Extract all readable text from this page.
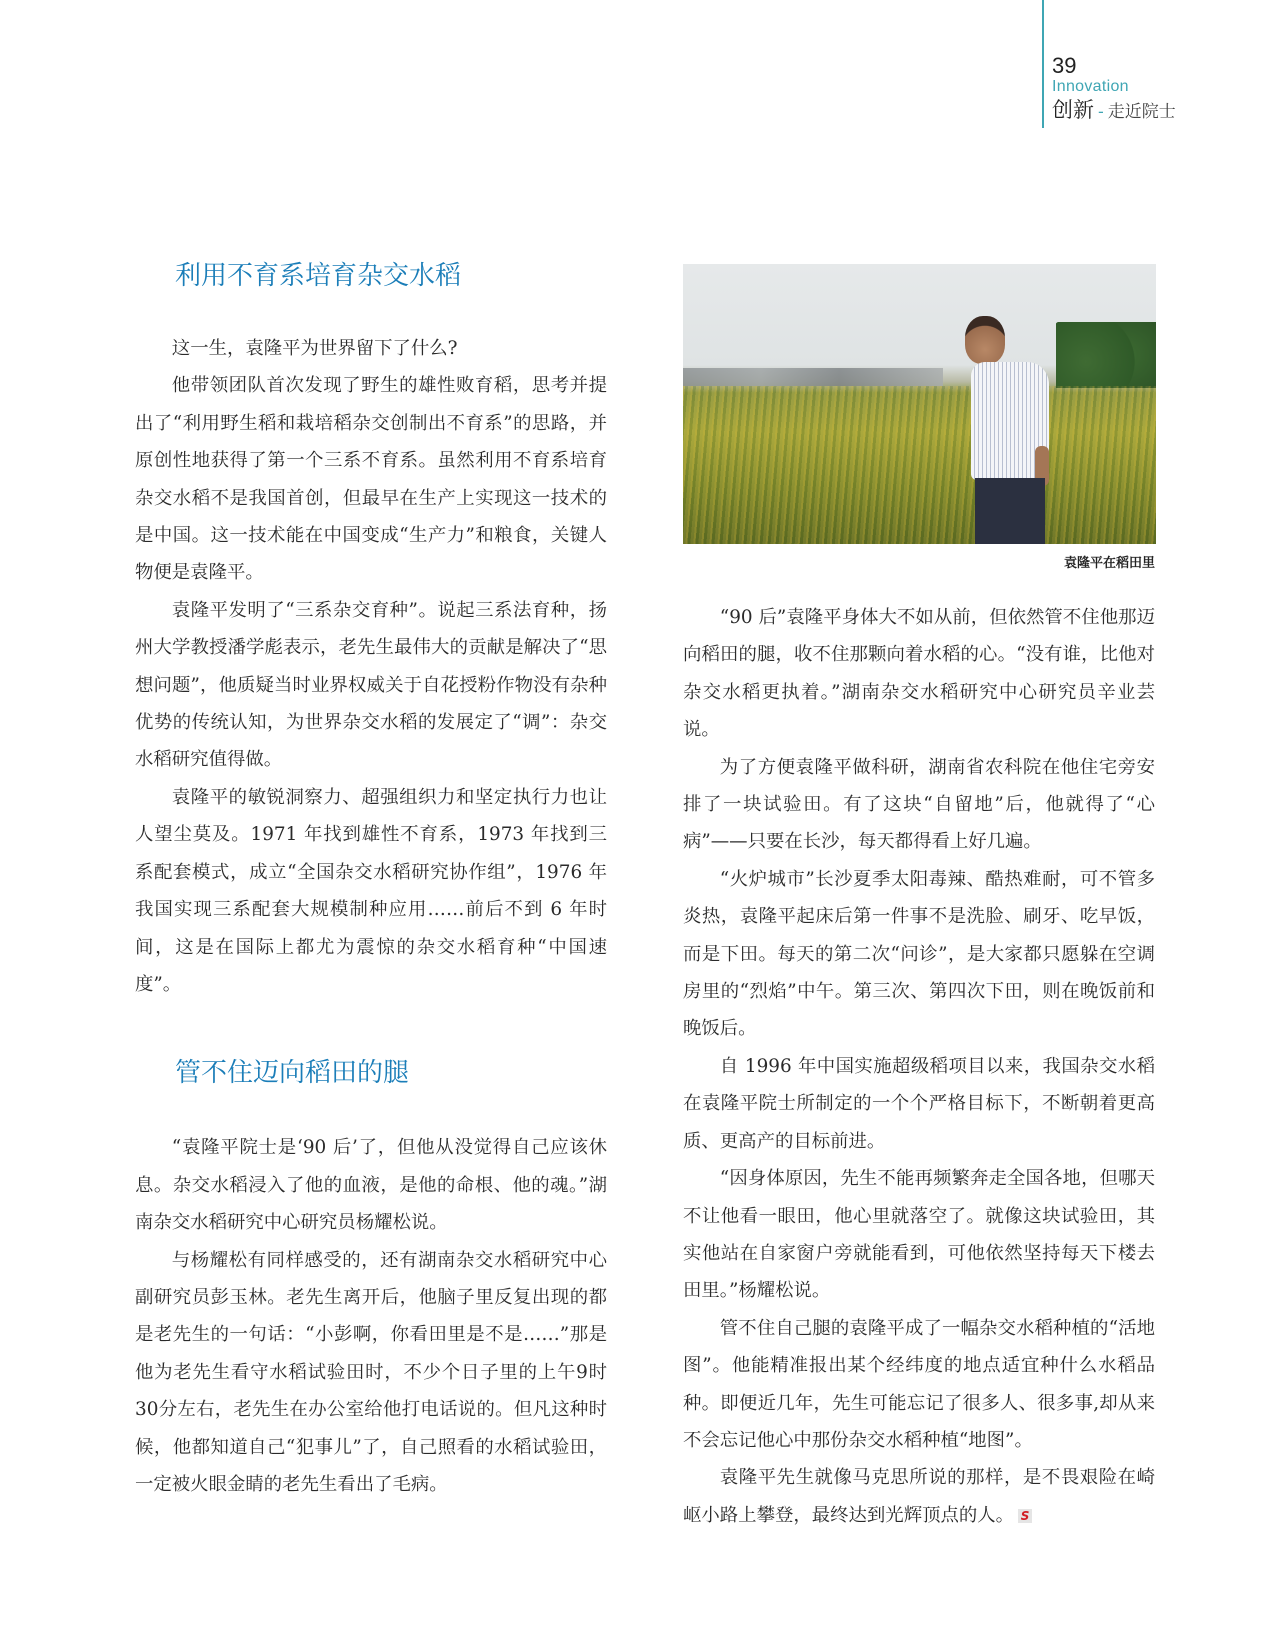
39
Innovation
创新 - 走近院士
利用不育系培育杂交水稻

这一生，袁隆平为世界留下了什么?

他带领团队首次发现了野生的雄性败育稻，思考并提出了“利用野生稻和栽培稻杂交创制出不育系”的思路，并原创性地获得了第一个三系不育系。虽然利用不育系培育杂交水稻不是我国首创，但最早在生产上实现这一技术的是中国。这一技术能在中国变成“生产力”和粮食，关键人物便是袁隆平。

袁隆平发明了“三系杂交育种”。说起三系法育种，扬州大学教授潘学彪表示，老先生最伟大的贡献是解决了“思想问题”，他质疑当时业界权威关于自花授粉作物没有杂种优势的传统认知，为世界杂交水稻的发展定了“调”：杂交水稻研究值得做。

袁隆平的敏锐洞察力、超强组织力和坚定执行力也让人望尘莫及。1971 年找到雄性不育系，1973 年找到三系配套模式，成立“全国杂交水稻研究协作组”，1976 年我国实现三系配套大规模制种应用……前后不到 6 年时间，这是在国际上都尤为震惊的杂交水稻育种“中国速度”。

管不住迈向稻田的腿

“袁隆平院士是‘90 后’了，但他从没觉得自己应该休息。杂交水稻浸入了他的血液，是他的命根、他的魂。”湖南杂交水稻研究中心研究员杨耀松说。

与杨耀松有同样感受的，还有湖南杂交水稻研究中心副研究员彭玉林。老先生离开后，他脑子里反复出现的都是老先生的一句话：“小彭啊，你看田里是不是……”那是他为老先生看守水稻试验田时，不少个日子里的上午9时30分左右，老先生在办公室给他打电话说的。但凡这种时候，他都知道自己“犯事儿”了，自己照看的水稻试验田，一定被火眼金睛的老先生看出了毛病。

袁隆平在稻田里

“90 后”袁隆平身体大不如从前，但依然管不住他那迈向稻田的腿，收不住那颗向着水稻的心。“没有谁，比他对杂交水稻更执着。”湖南杂交水稻研究中心研究员辛业芸说。

为了方便袁隆平做科研，湖南省农科院在他住宅旁安排了一块试验田。有了这块“自留地”后，他就得了“心病”——只要在长沙，每天都得看上好几遍。

“火炉城市”长沙夏季太阳毒辣、酷热难耐，可不管多炎热，袁隆平起床后第一件事不是洗脸、刷牙、吃早饭，而是下田。每天的第二次“问诊”，是大家都只愿躲在空调房里的“烈焰”中午。第三次、第四次下田，则在晚饭前和晚饭后。

自 1996 年中国实施超级稻项目以来，我国杂交水稻在袁隆平院士所制定的一个个严格目标下，不断朝着更高质、更高产的目标前进。

“因身体原因，先生不能再频繁奔走全国各地，但哪天不让他看一眼田，他心里就落空了。就像这块试验田，其实他站在自家窗户旁就能看到，可他依然坚持每天下楼去田里。”杨耀松说。

管不住自己腿的袁隆平成了一幅杂交水稻种植的“活地图”。他能精准报出某个经纬度的地点适宜种什么水稻品种。即便近几年，先生可能忘记了很多人、很多事,却从来不会忘记他心中那份杂交水稻种植“地图”。

袁隆平先生就像马克思所说的那样，是不畏艰险在崎岖小路上攀登，最终达到光辉顶点的人。 S
